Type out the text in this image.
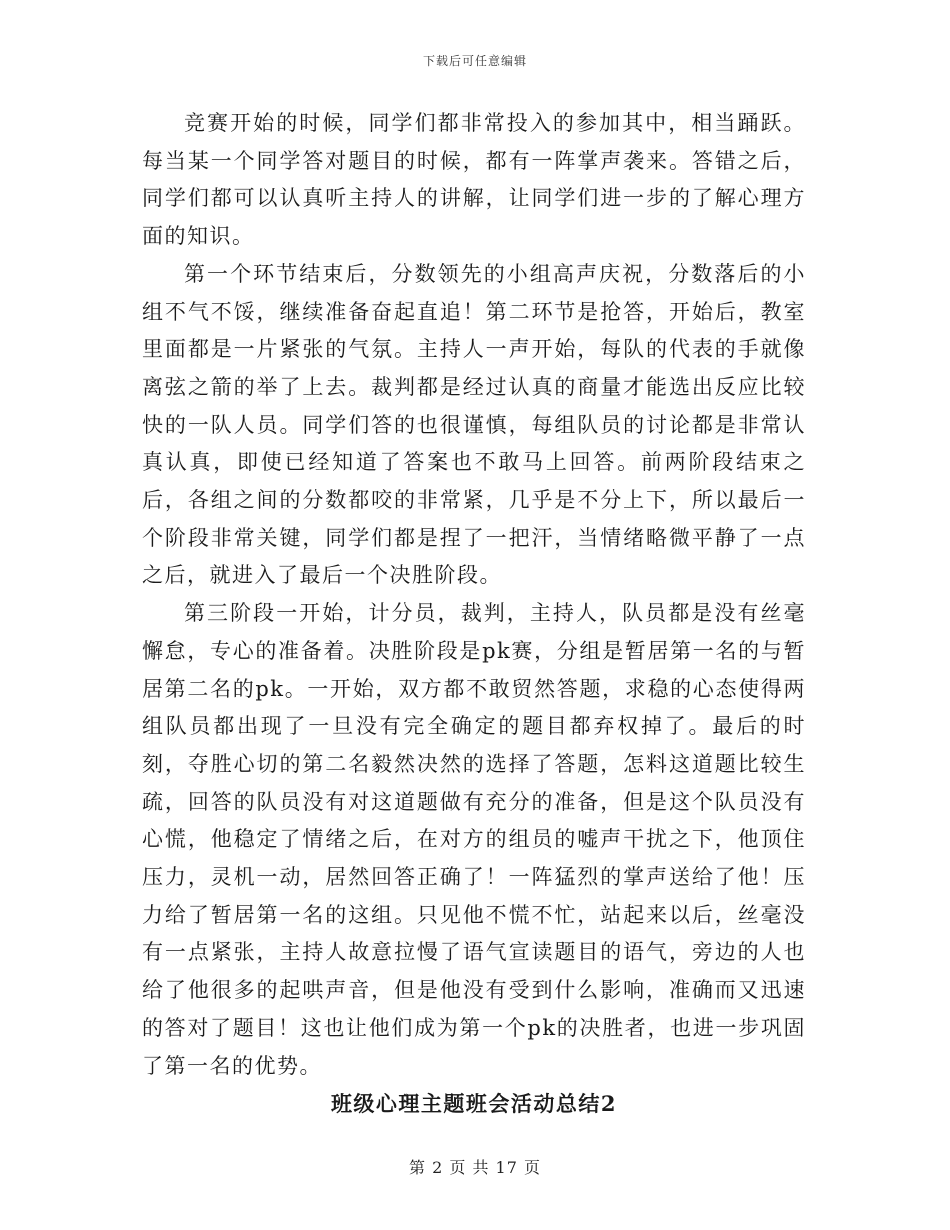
下载后可任意编辑

竞赛开始的时候，同学们都非常投入的参加其中，相当踊跃。每当某一个同学答对题目的时候，都有一阵掌声袭来。答错之后，同学们都可以认真听主持人的讲解，让同学们进一步的了解心理方面的知识。

第一个环节结束后，分数领先的小组高声庆祝，分数落后的小组不气不馁，继续准备奋起直追！第二环节是抢答，开始后，教室里面都是一片紧张的气氛。主持人一声开始，每队的代表的手就像离弦之箭的举了上去。裁判都是经过认真的商量才能选出反应比较快的一队人员。同学们答的也很谨慎，每组队员的讨论都是非常认真认真，即使已经知道了答案也不敢马上回答。前两阶段结束之后，各组之间的分数都咬的非常紧，几乎是不分上下，所以最后一个阶段非常关键，同学们都是捏了一把汗，当情绪略微平静了一点之后，就进入了最后一个决胜阶段。

第三阶段一开始，计分员，裁判，主持人，队员都是没有丝毫懈怠，专心的准备着。决胜阶段是pk赛，分组是暂居第一名的与暂居第二名的pk。一开始，双方都不敢贸然答题，求稳的心态使得两组队员都出现了一旦没有完全确定的题目都弃权掉了。最后的时刻，夺胜心切的第二名毅然决然的选择了答题，怎料这道题比较生疏，回答的队员没有对这道题做有充分的准备，但是这个队员没有心慌，他稳定了情绪之后，在对方的组员的嘘声干扰之下，他顶住压力，灵机一动，居然回答正确了！一阵猛烈的掌声送给了他！压力给了暂居第一名的这组。只见他不慌不忙，站起来以后，丝毫没有一点紧张，主持人故意拉慢了语气宣读题目的语气，旁边的人也给了他很多的起哄声音，但是他没有受到什么影响，准确而又迅速的答对了题目！这也让他们成为第一个pk的决胜者，也进一步巩固了第一名的优势。

班级心理主题班会活动总结2

第 2 页 共 17 页
